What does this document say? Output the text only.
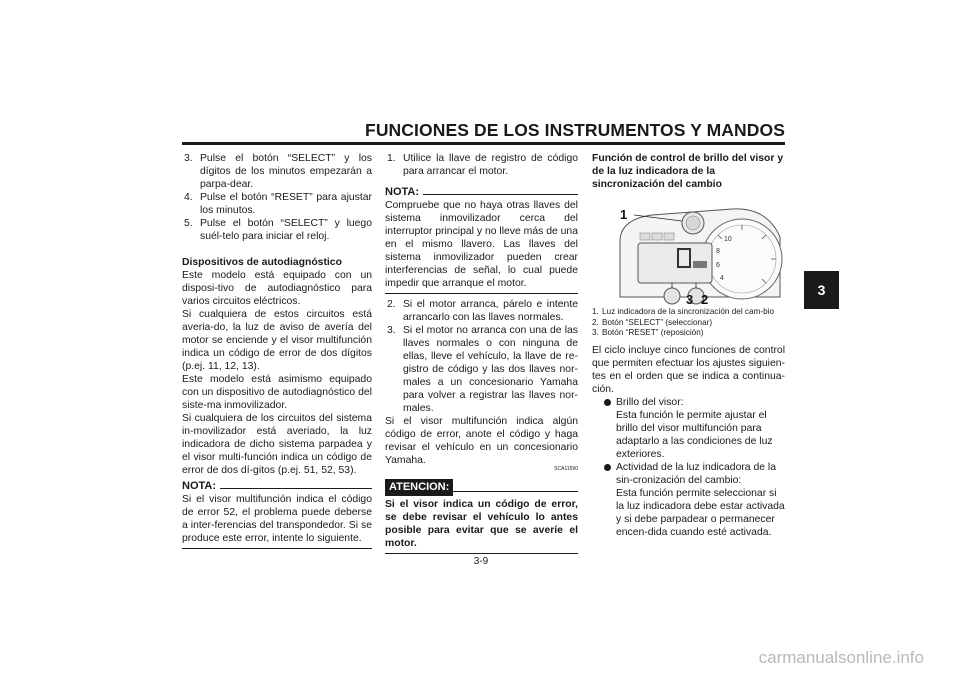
FUNCIONES DE LOS INSTRUMENTOS Y MANDOS
3
3. Pulse el botón “SELECT” y los dígitos de los minutos empezarán a parpa-dear.
4. Pulse el botón “RESET” para ajustar los minutos.
5. Pulse el botón “SELECT” y luego suél-telo para iniciar el reloj.
Dispositivos de autodiagnóstico

Este modelo está equipado con un disposi-tivo de autodiagnóstico para varios circuitos eléctricos.

Si cualquiera de estos circuitos está averia-do, la luz de aviso de avería del motor se enciende y el visor multifunción indica un código de error de dos dígitos (p.ej. 11, 12, 13).

Este modelo está asimismo equipado con un dispositivo de autodiagnóstico del siste-ma inmovilizador.

Si cualquiera de los circuitos del sistema in-movilizador está averiado, la luz indicadora de dicho sistema parpadea y el visor multi-función indica un código de error de dos dí-gitos (p.ej. 51, 52, 53).

NOTA:

Si el visor multifunción indica el código de error 52, el problema puede deberse a inter-ferencias del transpondedor. Si se produce este error, intente lo siguiente.

1. Utilice la llave de registro de código para arrancar el motor.
NOTA:

Compruebe que no haya otras llaves del sistema inmovilizador cerca del interruptor principal y no lleve más de una en el mismo llavero. Las llaves del sistema inmovilizador pueden crear interferencias de señal, lo cual puede impedir que arranque el motor.

2. Si el motor arranca, párelo e intente arrancarlo con las llaves normales.
3. Si el motor no arranca con una de las llaves normales o con ninguna de ellas, lleve el vehículo, la llave de re-gistro de código y las dos llaves nor-males a un concesionario Yamaha para volver a registrar las llaves nor-males.

Si el visor multifunción indica algún código de error, anote el código y haga revisar el vehículo en un concesionario Yamaha.

SCA11590
ATENCION:
Si el visor indica un código de error, se debe revisar el vehículo lo antes posible para evitar que se averíe el motor.
Función de control de brillo del visor y de la luz indicadora de la sincronización del cambio
10
8
6
4
1
3 2
1. Luz indicadora de la sincronización del cam-bio
2. Botón “SELECT” (seleccionar)
3. Botón “RESET” (reposición)

El ciclo incluye cinco funciones de control que permiten efectuar los ajustes siguien-tes en el orden que se indica a continua-ción.

Brillo del visor:
Esta función le permite ajustar el brillo del visor multifunción para adaptarlo a las condiciones de luz exteriores.
Actividad de la luz indicadora de la sin-cronización del cambio:
Esta función permite seleccionar si la luz indicadora debe estar activada y si debe parpadear o permanecer encen-dida cuando esté activada.
3-9
carmanualsonline.info
